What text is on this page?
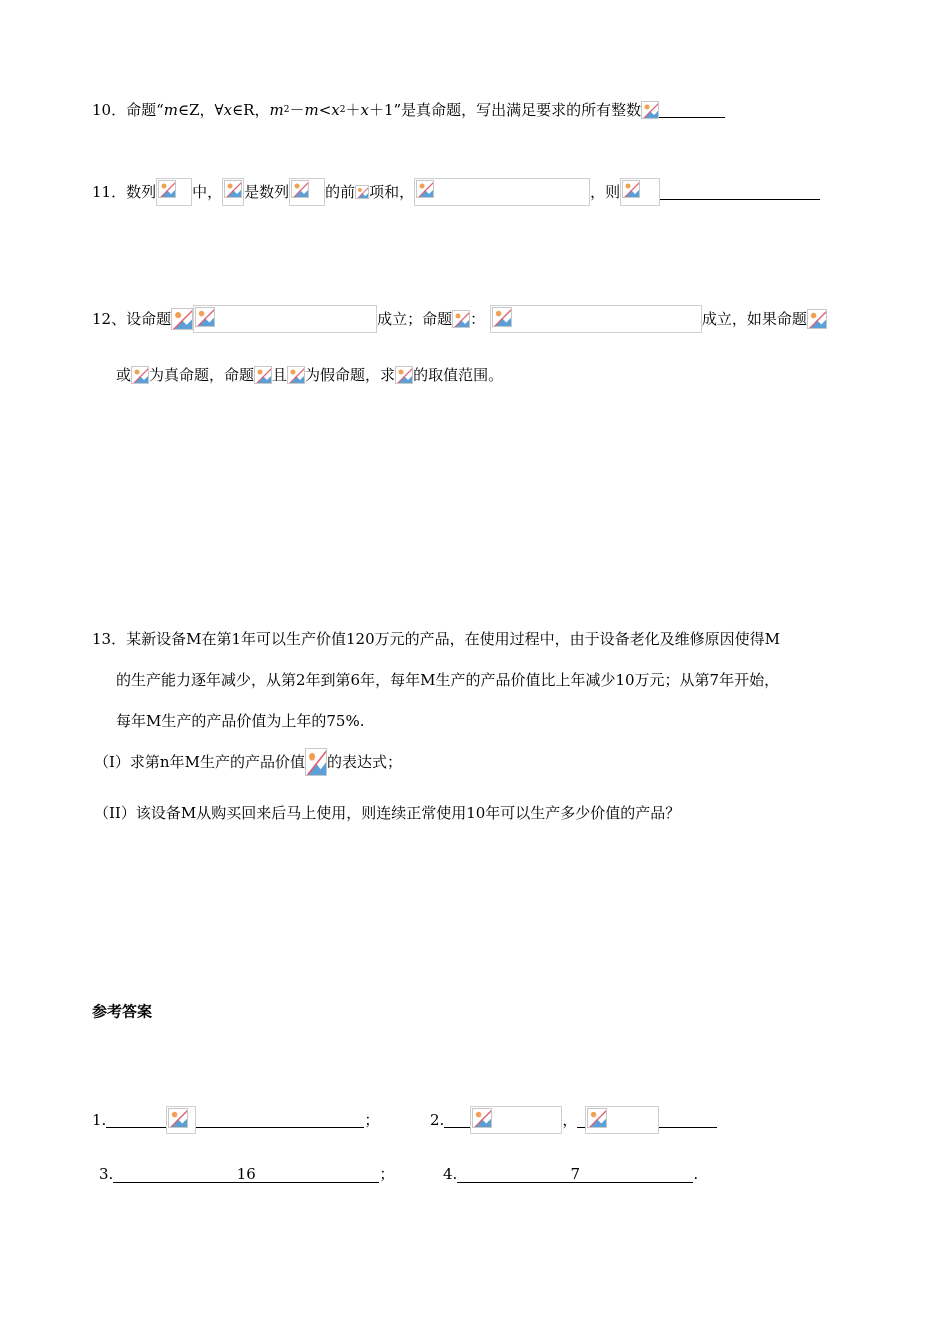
10．命题“m∈Z，∀x∈R，m2－m<x2＋x＋1”是真命题，写出满足要求的所有整数
11．数列 中， 是数列 的前 项和，	，则
12、设命题	成立；命题 ：	成立，如果命题
或 为真命题，命题 且 为假命题，求 的取值范围。
13．某新设备M在第1年可以生产价值120万元的产品，在使用过程中，由于设备老化及维修原因使得M
的生产能力逐年减少，从第2年到第6年，每年M生产的产品价值比上年减少10万元；从第7年开始，
每年M生产的产品价值为上年的75%.
（I）求第n年M生产的产品价值 的表达式；
（II）该设备M从购买回来后马上使用，则连续正常使用10年可以生产多少价值的产品？
参考答案
1.	；	2.	，
3.	16	；	4.	7	.
